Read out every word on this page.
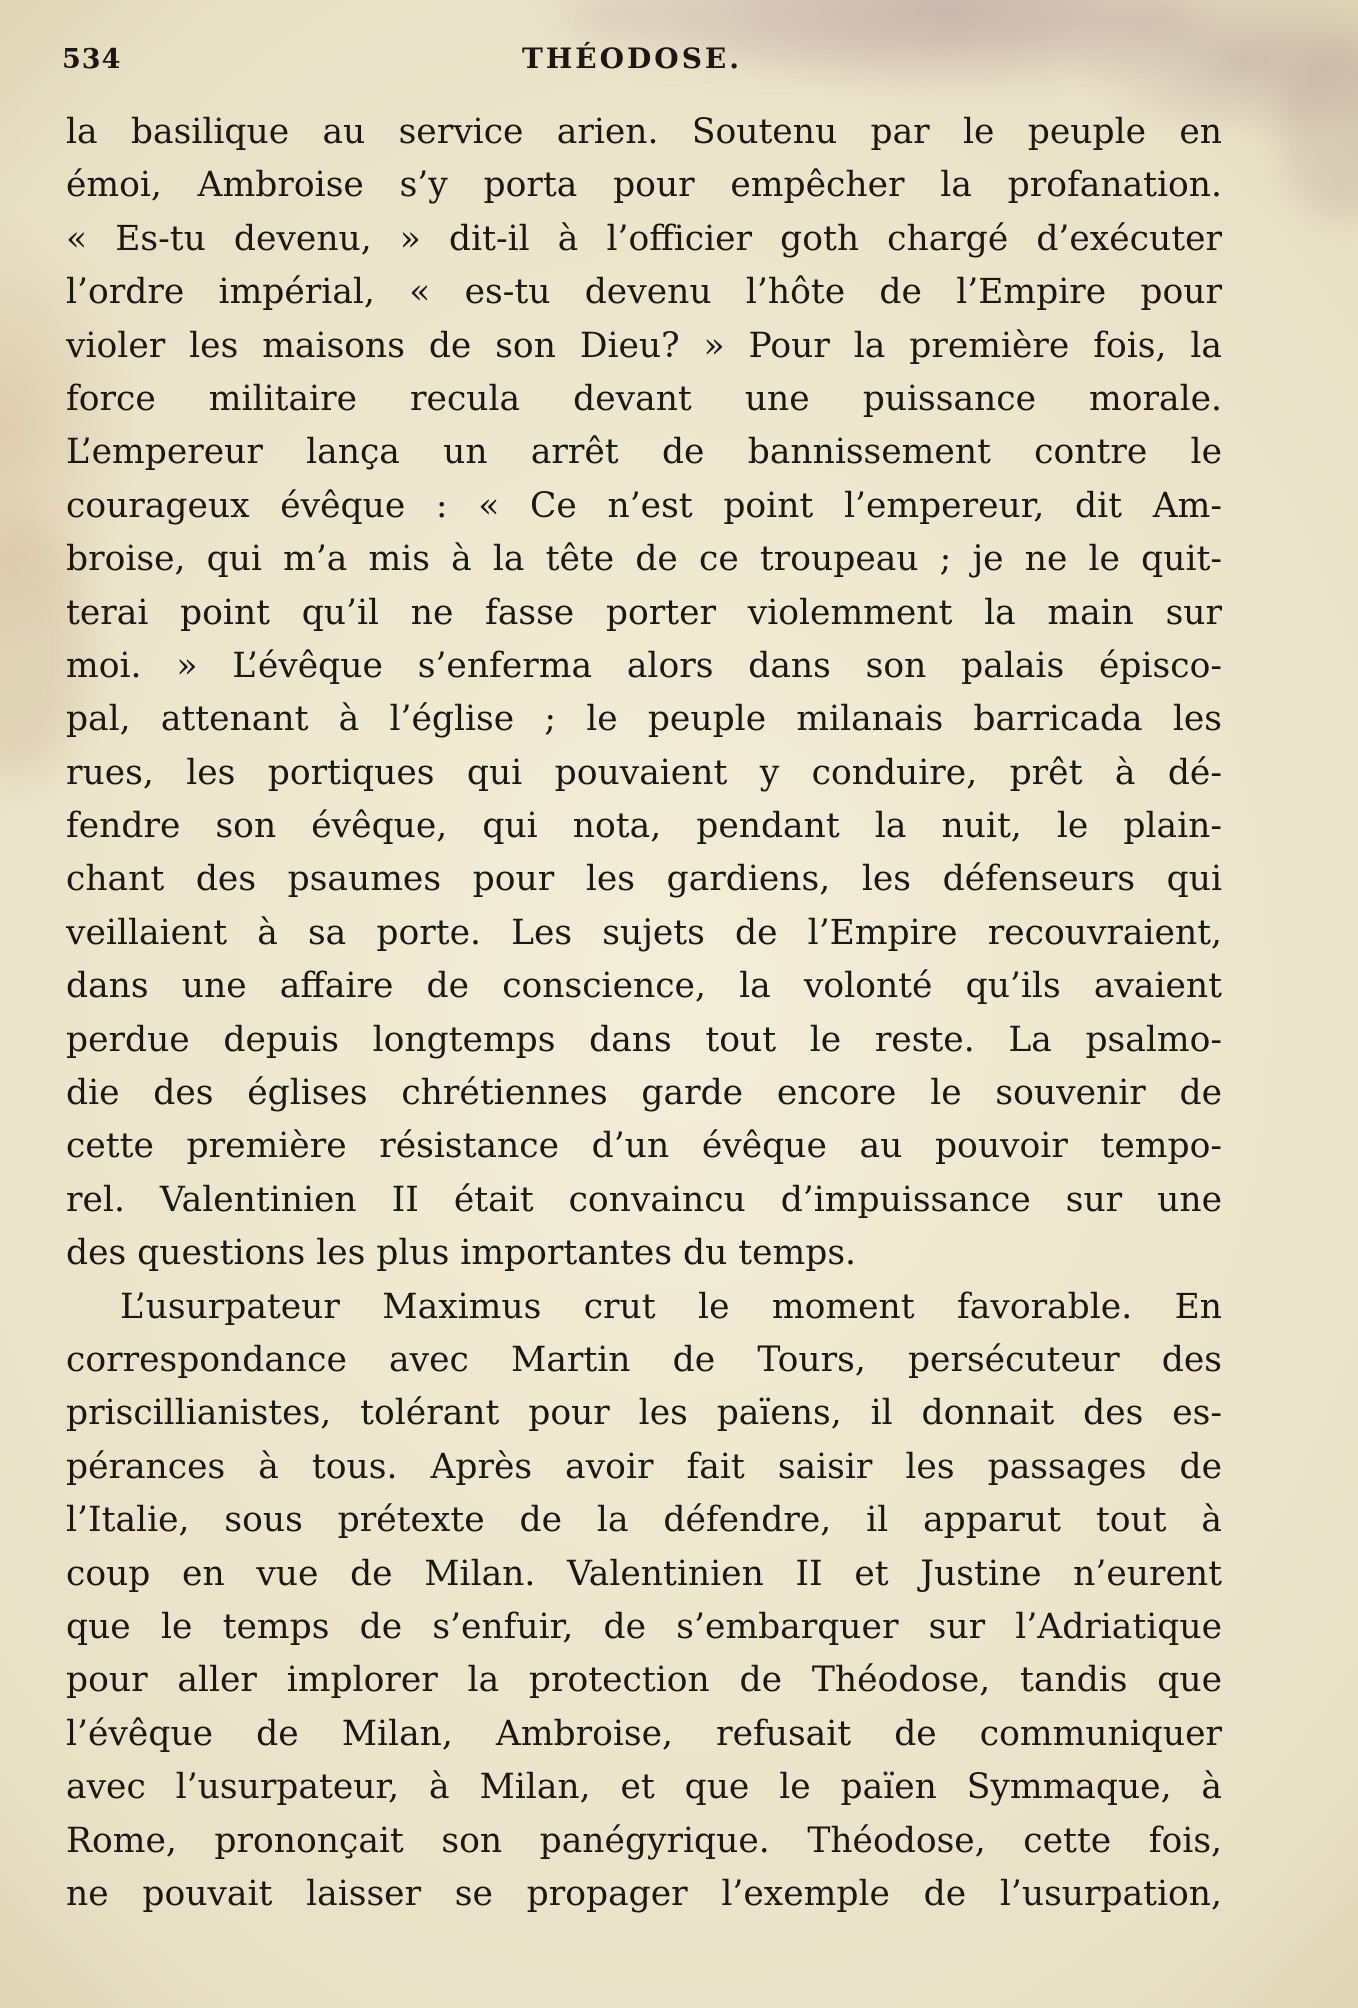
534	THÉODOSE.
la basilique au service arien. Soutenu par le peuple en
émoi, Ambroise s’y porta pour empêcher la profanation.
« Es-tu devenu, » dit-il à l’officier goth chargé d’exécuter
l’ordre impérial, « es-tu devenu l’hôte de l’Empire pour
violer les maisons de son Dieu? » Pour la première fois, la
force militaire recula devant une puissance morale.
L’empereur lança un arrêt de bannissement contre le
courageux évêque : « Ce n’est point l’empereur, dit Am-
broise, qui m’a mis à la tête de ce troupeau ; je ne le quit-
terai point qu’il ne fasse porter violemment la main sur
moi. » L’évêque s’enferma alors dans son palais épisco-
pal, attenant à l’église ; le peuple milanais barricada les
rues, les portiques qui pouvaient y conduire, prêt à dé-
fendre son évêque, qui nota, pendant la nuit, le plain-
chant des psaumes pour les gardiens, les défenseurs qui
veillaient à sa porte. Les sujets de l’Empire recouvraient,
dans une affaire de conscience, la volonté qu’ils avaient
perdue depuis longtemps dans tout le reste. La psalmo-
die des églises chrétiennes garde encore le souvenir de
cette première résistance d’un évêque au pouvoir tempo-
rel. Valentinien II était convaincu d’impuissance sur une
des questions les plus importantes du temps.
L’usurpateur Maximus crut le moment favorable. En
correspondance avec Martin de Tours, persécuteur des
priscillianistes, tolérant pour les païens, il donnait des es-
pérances à tous. Après avoir fait saisir les passages de
l’Italie, sous prétexte de la défendre, il apparut tout à
coup en vue de Milan. Valentinien II et Justine n’eurent
que le temps de s’enfuir, de s’embarquer sur l’Adriatique
pour aller implorer la protection de Théodose, tandis que
l’évêque de Milan, Ambroise, refusait de communiquer
avec l’usurpateur, à Milan, et que le païen Symmaque, à
Rome, prononçait son panégyrique. Théodose, cette fois,
ne pouvait laisser se propager l’exemple de l’usurpation,
